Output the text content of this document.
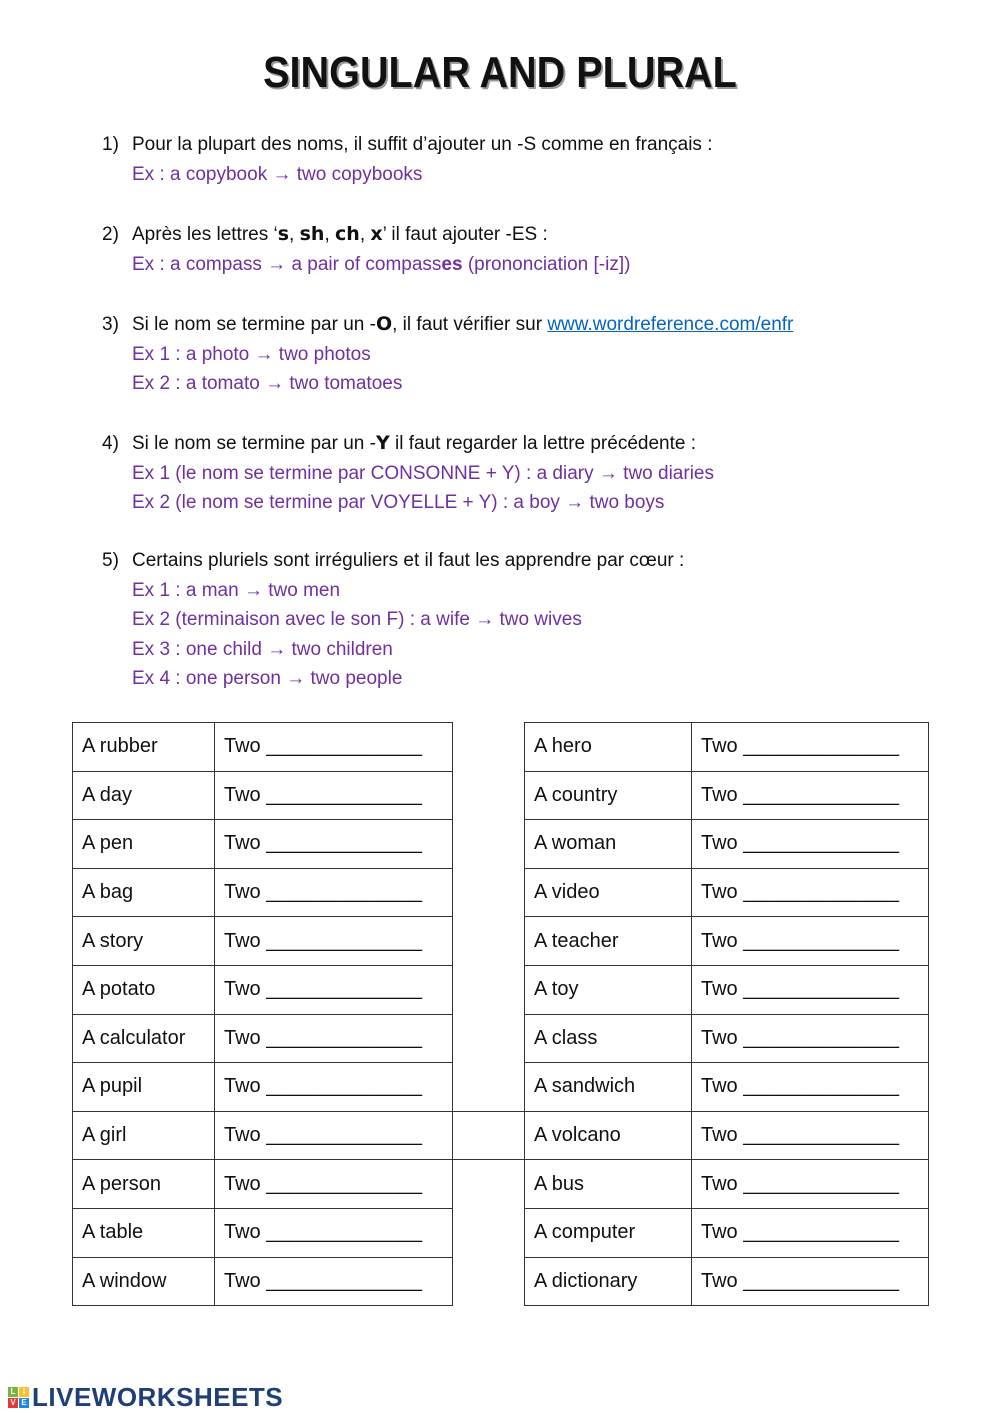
SINGULAR AND PLURAL
1) Pour la plupart des noms, il suffit d’ajouter un -S comme en français :
Ex : a copybook → two copybooks
2) Après les lettres ‘s, sh, ch, x’ il faut ajouter -ES :
Ex : a compass → a pair of compasses (prononciation [-iz])
3) Si le nom se termine par un -O, il faut vérifier sur www.wordreference.com/enfr
Ex 1 : a photo → two photos
Ex 2 : a tomato → two tomatoes
4) Si le nom se termine par un -Y il faut regarder la lettre précédente :
Ex 1 (le nom se termine par CONSONNE + Y) : a diary → two diaries
Ex 2 (le nom se termine par VOYELLE + Y) : a boy → two boys
5) Certains pluriels sont irréguliers et il faut les apprendre par cœur :
Ex 1 : a man → two men
Ex 2 (terminaison avec le son F) : a wife → two wives
Ex 3 : one child → two children
Ex 4 : one person → two people
A rubber	Two ______________		A hero	Two ______________
A day	Two ______________		A country	Two ______________
A pen	Two ______________		A woman	Two ______________
A bag	Two ______________		A video	Two ______________
A story	Two ______________		A teacher	Two ______________
A potato	Two ______________		A toy	Two ______________
A calculator	Two ______________		A class	Two ______________
A pupil	Two ______________		A sandwich	Two ______________
A girl	Two ______________		A volcano	Two ______________
A person	Two ______________		A bus	Two ______________
A table	Two ______________		A computer	Two ______________
A window	Two ______________		A dictionary	Two ______________
L I
V E LIVEWORKSHEETS
